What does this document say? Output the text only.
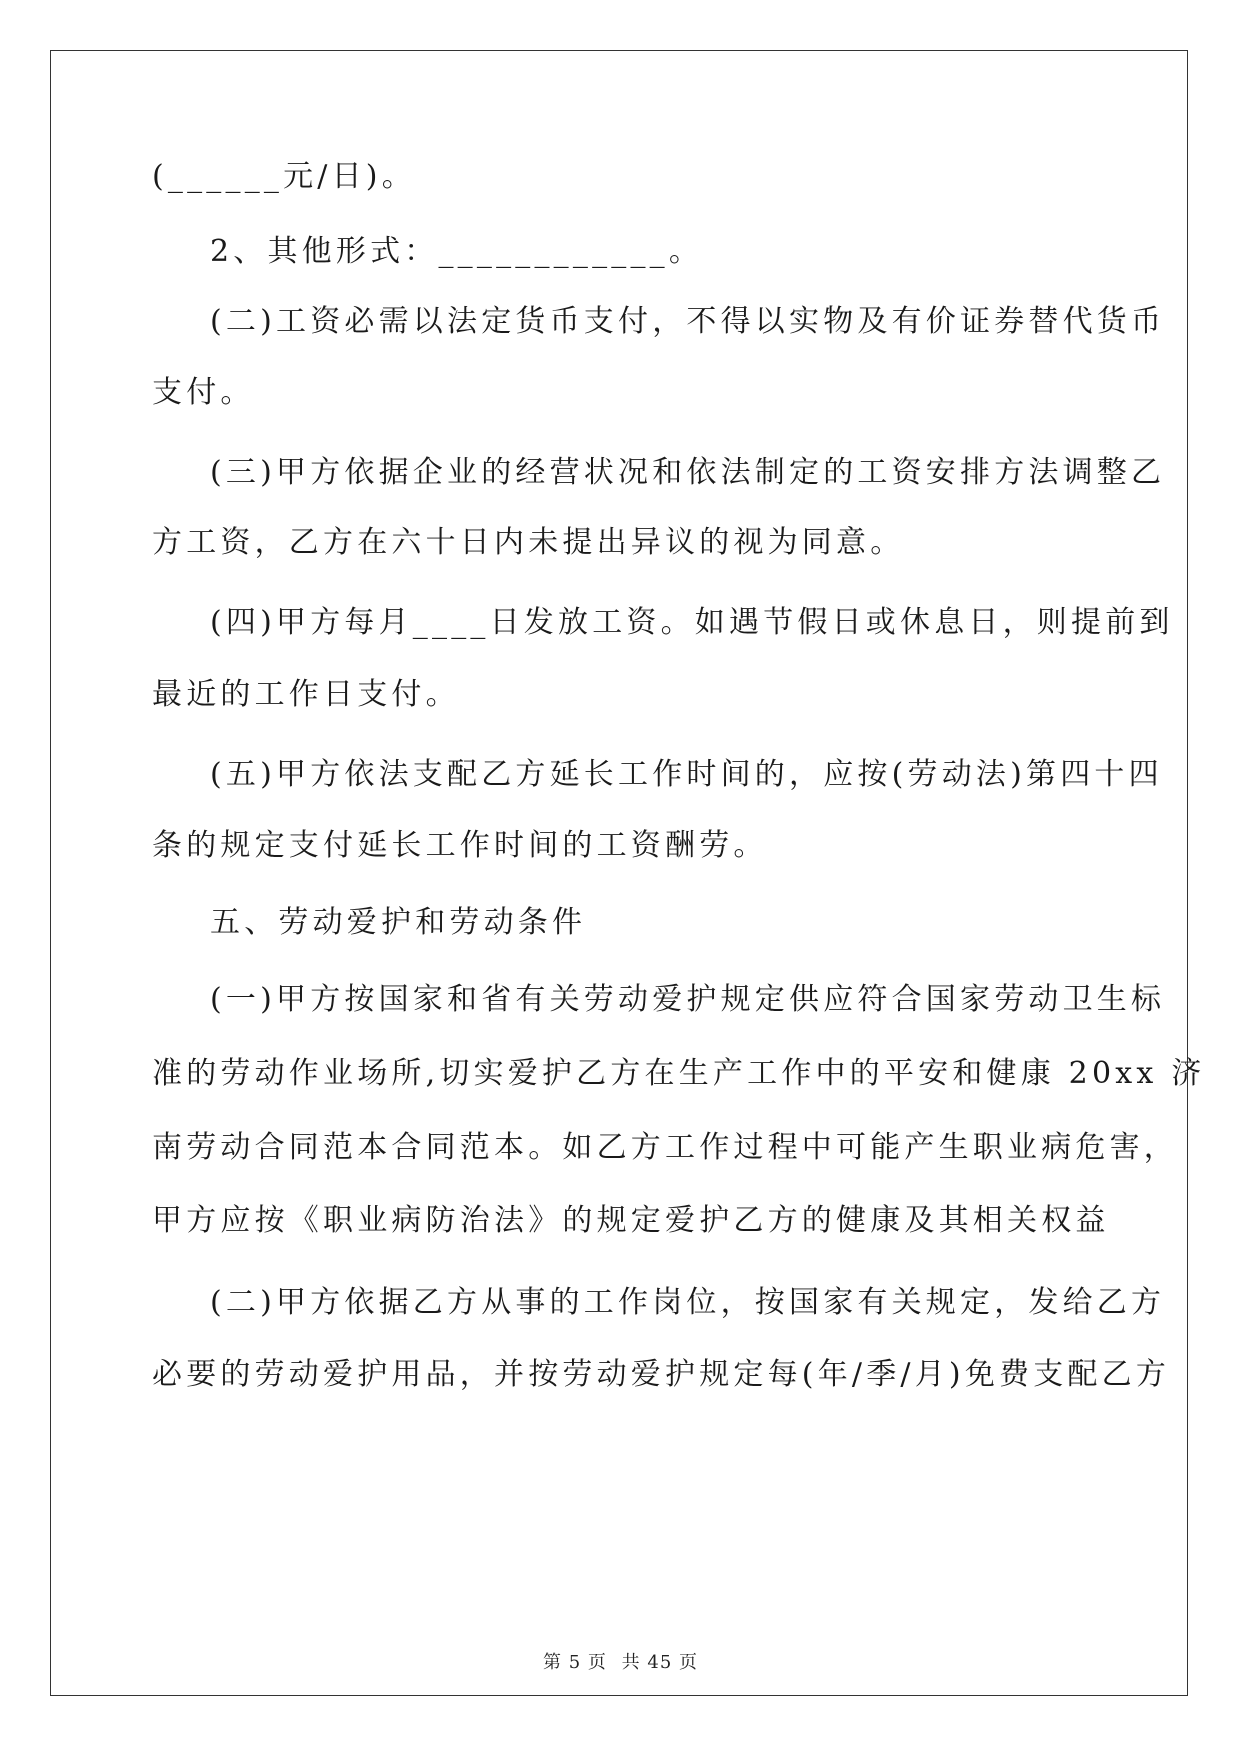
(______元/日)。
2、其他形式：____________。
(二)工资必需以法定货币支付，不得以实物及有价证券替代货币
支付。
(三)甲方依据企业的经营状况和依法制定的工资安排方法调整乙
方工资，乙方在六十日内未提出异议的视为同意。
(四)甲方每月____日发放工资。如遇节假日或休息日，则提前到
最近的工作日支付。
(五)甲方依法支配乙方延长工作时间的，应按(劳动法)第四十四
条的规定支付延长工作时间的工资酬劳。
五、劳动爱护和劳动条件
(一)甲方按国家和省有关劳动爱护规定供应符合国家劳动卫生标
准的劳动作业场所,切实爱护乙方在生产工作中的平安和健康 20xx 济
南劳动合同范本合同范本。如乙方工作过程中可能产生职业病危害，
甲方应按《职业病防治法》的规定爱护乙方的健康及其相关权益
(二)甲方依据乙方从事的工作岗位，按国家有关规定，发给乙方
必要的劳动爱护用品，并按劳动爱护规定每(年/季/月)免费支配乙方
第 5 页 共 45 页
